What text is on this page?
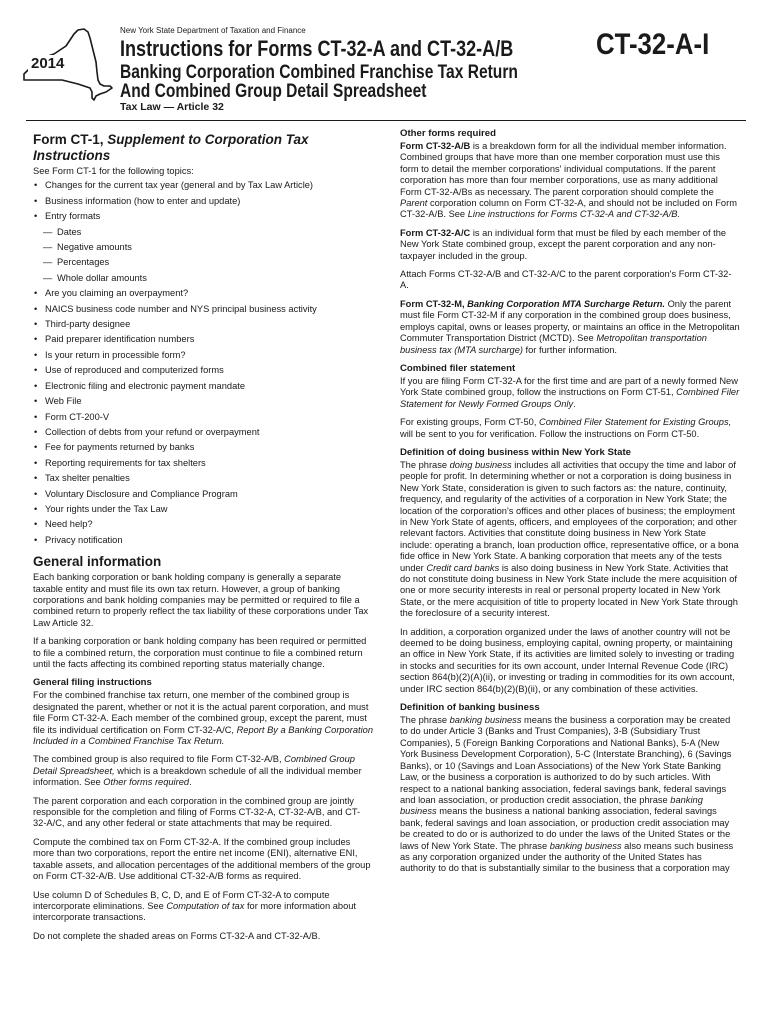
2014
New York State Department of Taxation and Finance
Instructions for Forms CT-32-A and CT-32-A/B
Banking Corporation Combined Franchise Tax Return
And Combined Group Detail Spreadsheet
Tax Law — Article 32
CT-32-A-I
Form CT-1, Supplement to Corporation Tax Instructions

See Form CT-1 for the following topics:

• Changes for the current tax year (general and by Tax Law Article)
• Business information (how to enter and update)
• Entry formats
— Dates
— Negative amounts
— Percentages
— Whole dollar amounts
• Are you claiming an overpayment?
• NAICS business code number and NYS principal business activity
• Third-party designee
• Paid preparer identification numbers
• Is your return in processible form?
• Use of reproduced and computerized forms
• Electronic filing and electronic payment mandate
• Web File
• Form CT-200-V
• Collection of debts from your refund or overpayment
• Fee for payments returned by banks
• Reporting requirements for tax shelters
• Tax shelter penalties
• Voluntary Disclosure and Compliance Program
• Your rights under the Tax Law
• Need help?
• Privacy notification
General information

Each banking corporation or bank holding company is generally a separate taxable entity and must file its own tax return. However, a group of banking corporations and bank holding companies may be permitted or required to file a combined return to properly reflect the tax liability of these corporations under Tax Law Article 32.

If a banking corporation or bank holding company has been required or permitted to file a combined return, the corporation must continue to file a combined return until the facts affecting its combined reporting status materially change.

General filing instructions

For the combined franchise tax return, one member of the combined group is designated the parent, whether or not it is the actual parent corporation, and must file Form CT-32-A. Each member of the combined group, except the parent, must file its individual certification on Form CT-32-A/C, Report By a Banking Corporation Included in a Combined Franchise Tax Return.

The combined group is also required to file Form CT-32-A/B, Combined Group Detail Spreadsheet, which is a breakdown schedule of all the individual member information. See Other forms required.

The parent corporation and each corporation in the combined group are jointly responsible for the completion and filing of Forms CT-32-A, CT-32-A/B, and CT-32-A/C, and any other federal or state attachments that may be required.

Compute the combined tax on Form CT-32-A. If the combined group includes more than two corporations, report the entire net income (ENI), alternative ENI, taxable assets, and allocation percentages of the additional members of the group on Form CT-32-A/B. Use additional CT-32-A/B forms as required.

Use column D of Schedules B, C, D, and E of Form CT-32-A to compute intercorporate eliminations. See Computation of tax for more information about intercorporate transactions.

Do not complete the shaded areas on Forms CT-32-A and CT-32-A/B.

Other forms required

Form CT-32-A/B is a breakdown form for all the individual member information. Combined groups that have more than one member corporation must use this form to detail the member corporations' individual computations. If the parent corporation has more than four member corporations, use as many additional Form CT-32-A/Bs as necessary. The parent corporation should complete the Parent corporation column on Form CT-32-A, and should not be included on Form CT-32-A/B. See Line instructions for Forms CT-32-A and CT-32-A/B.

Form CT-32-A/C is an individual form that must be filed by each member of the New York State combined group, except the parent corporation and any non-taxpayer included in the group.

Attach Forms CT-32-A/B and CT-32-A/C to the parent corporation's Form CT-32-A.

Form CT-32-M, Banking Corporation MTA Surcharge Return. Only the parent must file Form CT-32-M if any corporation in the combined group does business, employs capital, owns or leases property, or maintains an office in the Metropolitan Commuter Transportation District (MCTD). See Metropolitan transportation business tax (MTA surcharge) for further information.

Combined filer statement

If you are filing Form CT-32-A for the first time and are part of a newly formed New York State combined group, follow the instructions on Form CT-51, Combined Filer Statement for Newly Formed Groups Only.

For existing groups, Form CT-50, Combined Filer Statement for Existing Groups, will be sent to you for verification. Follow the instructions on Form CT-50.

Definition of doing business within New York State

The phrase doing business includes all activities that occupy the time and labor of people for profit. In determining whether or not a corporation is doing business in New York State, consideration is given to such factors as: the nature, continuity, frequency, and regularity of the activities of a corporation in New York State; the location of the corporation's offices and other places of business; the employment in New York State of agents, officers, and employees of the corporation; and other relevant factors. Activities that constitute doing business in New York State include: operating a branch, loan production office, representative office, or a bona fide office in New York State. A banking corporation that meets any of the tests under Credit card banks is also doing business in New York State. Activities that do not constitute doing business in New York State include the mere acquisition of one or more security interests in real or personal property located in New York State, or the mere acquisition of title to property located in New York State through the foreclosure of a security interest.

In addition, a corporation organized under the laws of another country will not be deemed to be doing business, employing capital, owning property, or maintaining an office in New York State, if its activities are limited solely to investing or trading in stocks and securities for its own account, under Internal Revenue Code (IRC) section 864(b)(2)(A)(ii), or investing or trading in commodities for its own account, under IRC section 864(b)(2)(B)(ii), or any combination of these activities.

Definition of banking business

The phrase banking business means the business a corporation may be created to do under Article 3 (Banks and Trust Companies), 3-B (Subsidiary Trust Companies), 5 (Foreign Banking Corporations and National Banks), 5-A (New York Business Development Corporation), 5-C (Interstate Branching), 6 (Savings Banks), or 10 (Savings and Loan Associations) of the New York State Banking Law, or the business a corporation is authorized to do by such articles. With respect to a national banking association, federal savings bank, federal savings and loan association, or production credit association, the phrase banking business means the business a national banking association, federal savings bank, federal savings and loan association, or production credit association may be created to do or is authorized to do under the laws of the United States or the laws of New York State. The phrase banking business also means such business as any corporation organized under the authority of the United States has authority to do that is substantially similar to the business that a corporation may
